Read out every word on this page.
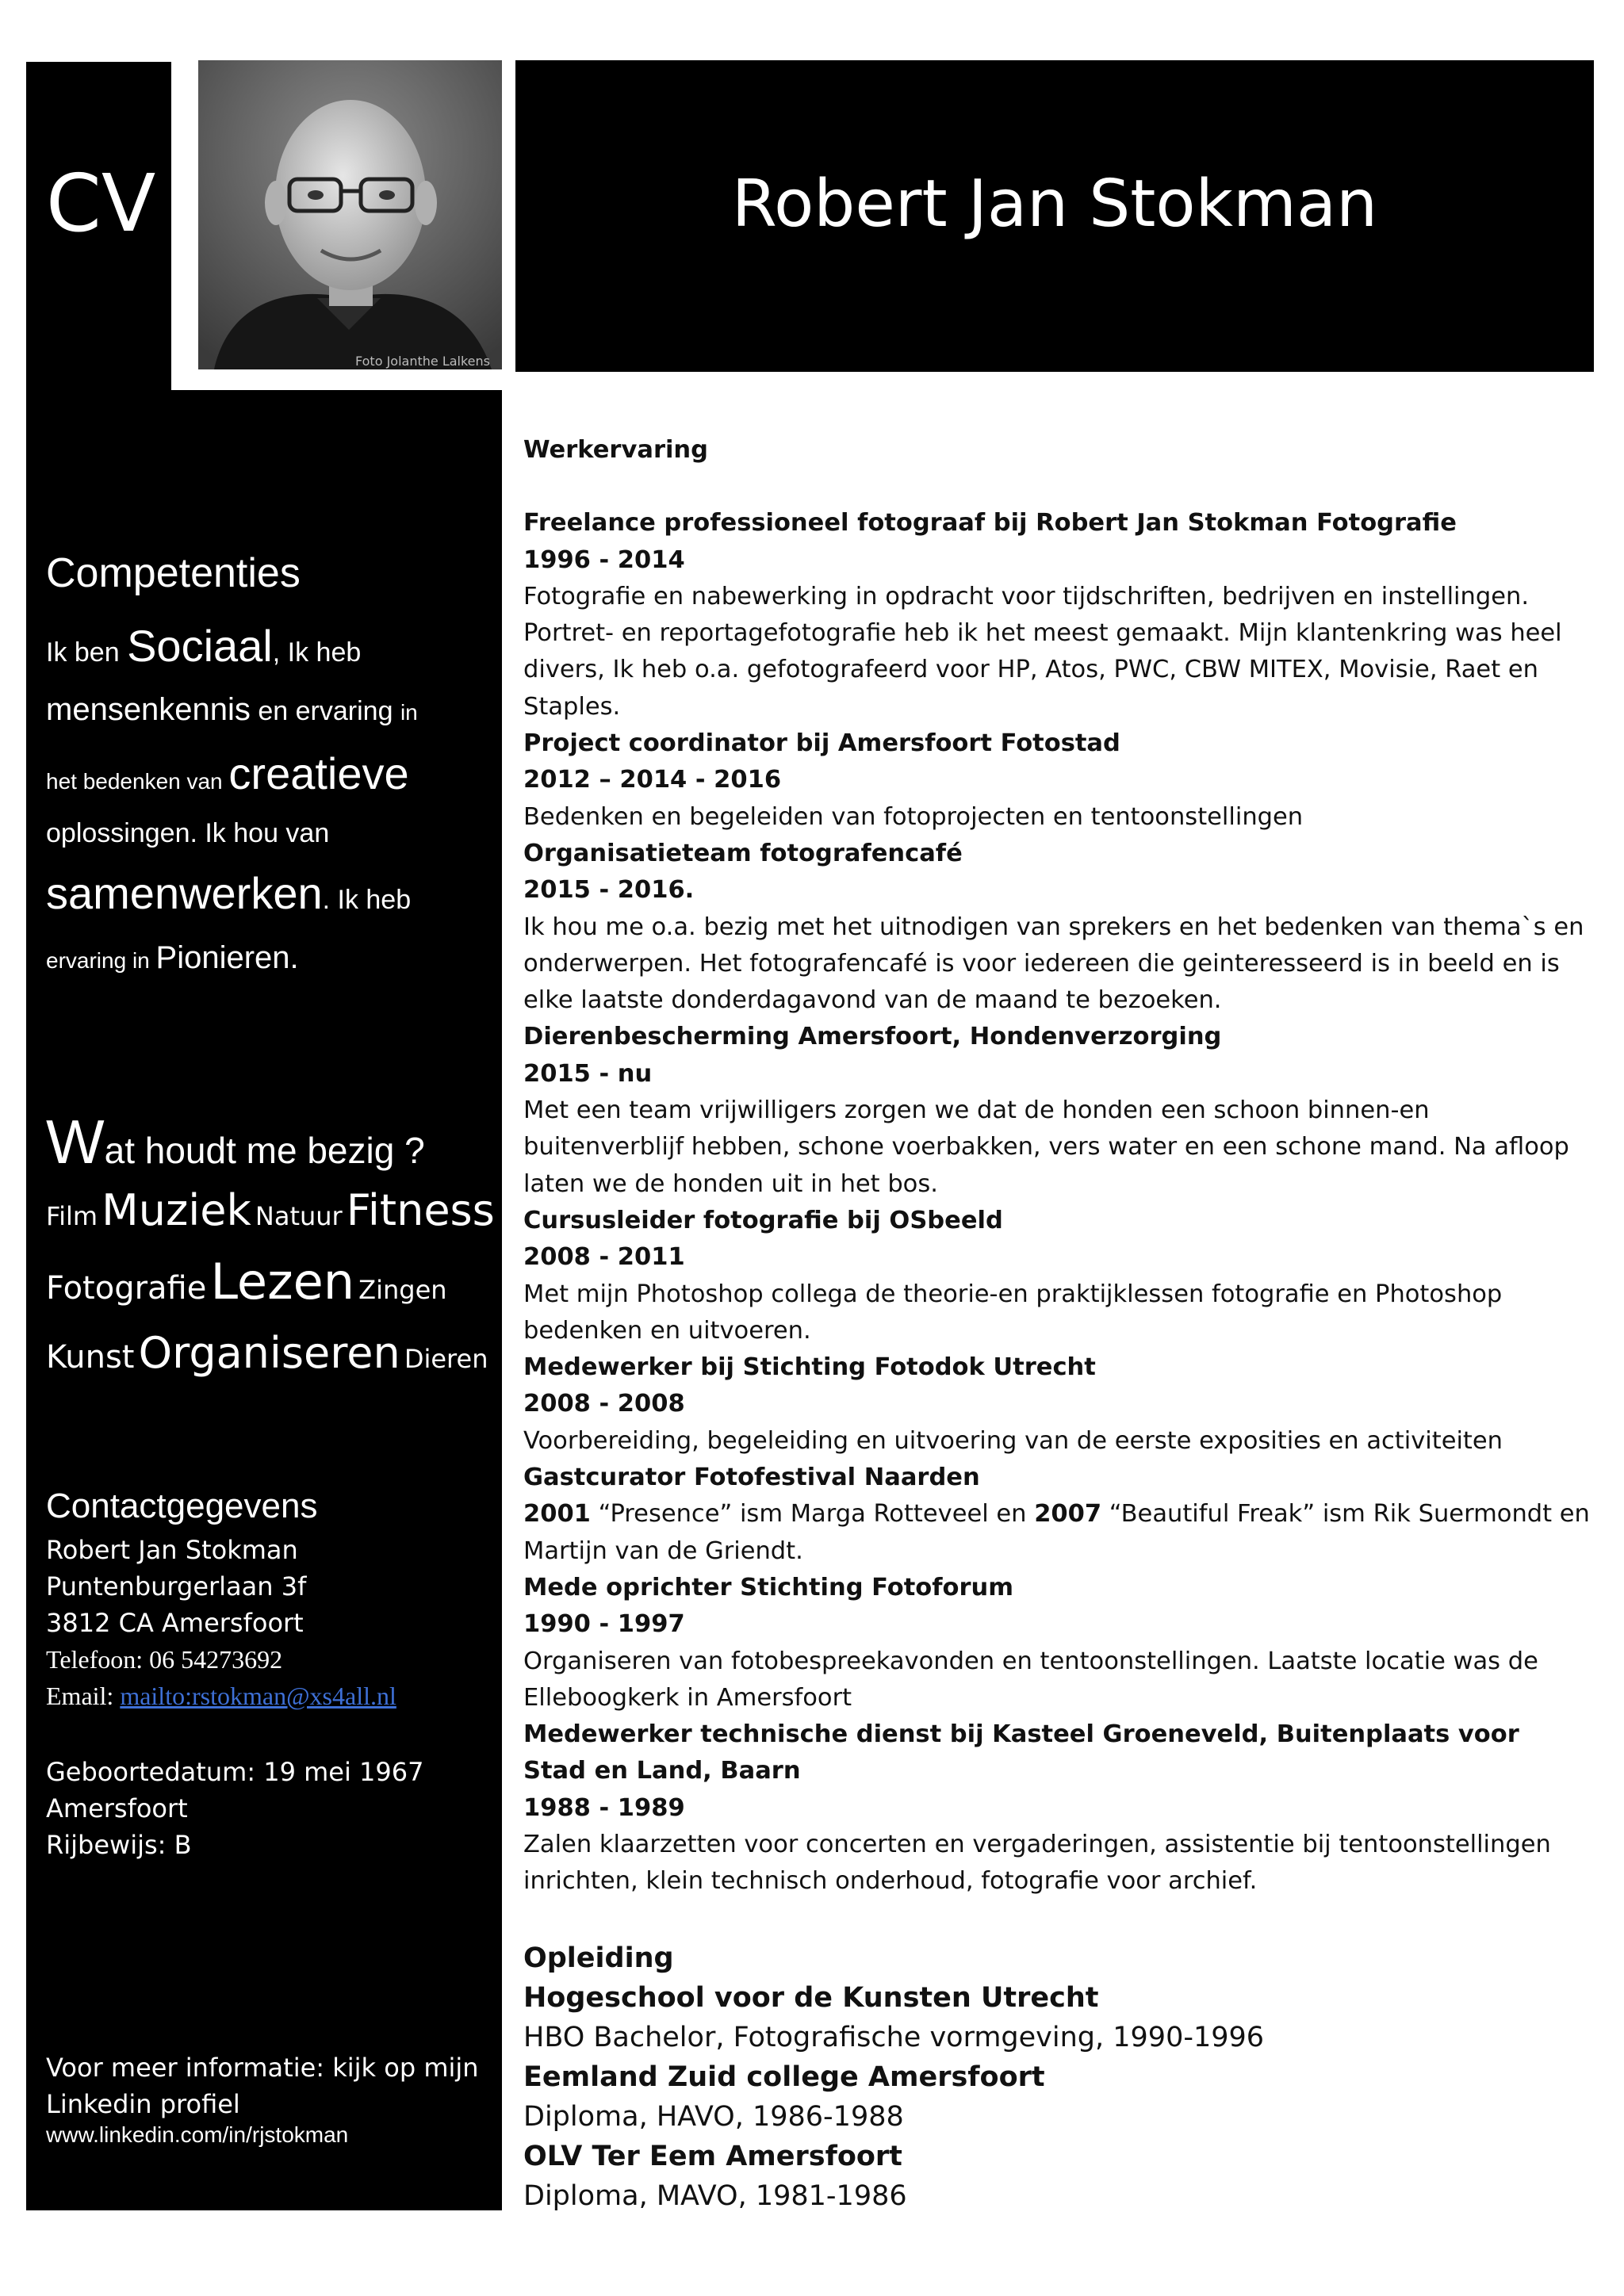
Foto Jolanthe Lalkens
CV	Robert Jan Stokman
Competenties
Ik ben Sociaal, Ik heb
mensenkennis en ervaring in
het bedenken van creatieve
oplossingen. Ik hou van
samenwerken. Ik heb
ervaring in Pionieren.
Wat houdt me bezig ?
Film Muziek Natuur Fitness
Fotografie Lezen Zingen
Kunst Organiseren Dieren
Contactgegevens
Robert Jan Stokman
Puntenburgerlaan 3f
3812 CA Amersfoort
Telefoon: 06 54273692
Email: mailto:rstokman@xs4all.nl
Geboortedatum: 19 mei 1967
Amersfoort
Rijbewijs: B
Voor meer informatie: kijk op mijn
Linkedin profiel
www.linkedin.com/in/rjstokman

Werkervaring

Freelance professioneel fotograaf bij Robert Jan Stokman Fotografie

1996 - 2014

Fotografie en nabewerking in opdracht voor tijdschriften, bedrijven en instellingen. Portret- en reportagefotografie heb ik het meest gemaakt. Mijn klantenkring was heel divers, Ik heb o.a. gefotografeerd voor HP, Atos, PWC, CBW MITEX, Movisie, Raet en Staples.

Project coordinator bij Amersfoort Fotostad

2012 – 2014 - 2016

Bedenken en begeleiden van fotoprojecten en tentoonstellingen

Organisatieteam fotografencafé

2015 - 2016.

Ik hou me o.a. bezig met het uitnodigen van sprekers en het bedenken van thema`s en onderwerpen. Het fotografencafé is voor iedereen die geinteresseerd is in beeld en is elke laatste donderdagavond van de maand te bezoeken.

Dierenbescherming Amersfoort, Hondenverzorging

2015 - nu

Met een team vrijwilligers zorgen we dat de honden een schoon binnen-en buitenverblijf hebben, schone voerbakken, vers water en een schone mand. Na afloop laten we de honden uit in het bos.

Cursusleider fotografie bij OSbeeld

2008 - 2011

Met mijn Photoshop collega de theorie-en praktijklessen fotografie en Photoshop bedenken en uitvoeren.

Medewerker bij Stichting Fotodok Utrecht

2008 - 2008

Voorbereiding, begeleiding en uitvoering van de eerste exposities en activiteiten

Gastcurator Fotofestival Naarden

2001 “Presence” ism Marga Rotteveel en 2007 “Beautiful Freak” ism Rik Suermondt en Martijn van de Griendt.

Mede oprichter Stichting Fotoforum

1990 - 1997

Organiseren van fotobespreekavonden en tentoonstellingen. Laatste locatie was de Elleboogkerk in Amersfoort

Medewerker technische dienst bij Kasteel Groeneveld, Buitenplaats voor Stad en Land, Baarn

1988 - 1989

Zalen klaarzetten voor concerten en vergaderingen, assistentie bij tentoonstellingen inrichten, klein technisch onderhoud, fotografie voor archief.

Opleiding

Hogeschool voor de Kunsten Utrecht

HBO Bachelor, Fotografische vormgeving, 1990-1996

Eemland Zuid college Amersfoort

Diploma, HAVO, 1986-1988

OLV Ter Eem Amersfoort

Diploma, MAVO, 1981-1986
